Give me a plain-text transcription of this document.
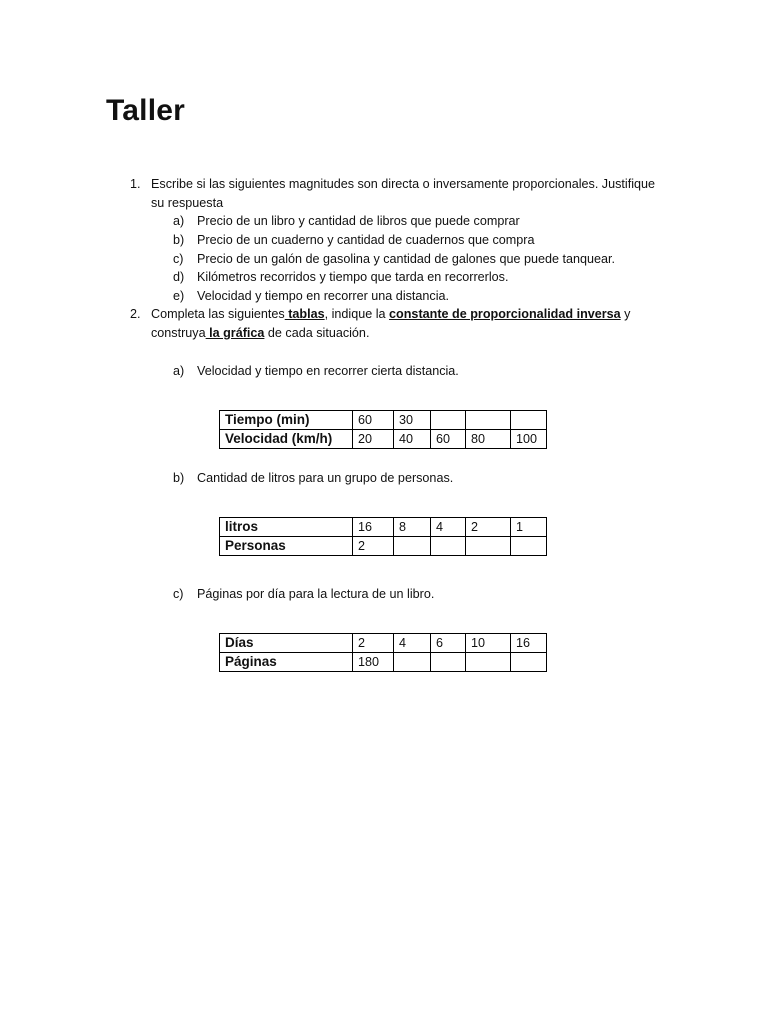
Taller
1. Escribe si las siguientes magnitudes son directa o inversamente proporcionales. Justifique
su respuesta
a) Precio de un libro y cantidad de libros que puede comprar
b) Precio de un cuaderno y cantidad de cuadernos que compra
c) Precio de un galón de gasolina y cantidad de galones que puede tanquear.
d) Kilómetros recorridos y tiempo que tarda en recorrerlos.
e) Velocidad y tiempo en recorrer una distancia.
2. Completa las siguientes tablas, indique la constante de proporcionalidad inversa y
construya la gráfica de cada situación.
a) Velocidad y tiempo en recorrer cierta distancia.
Tiempo (min)	60	30			
Velocidad (km/h)	20	40	60	80	100
b) Cantidad de litros para un grupo de personas.
litros	16	8	4	2	1
Personas	2				
c) Páginas por día para la lectura de un libro.
Días	2	4	6	10	16
Páginas	180				
